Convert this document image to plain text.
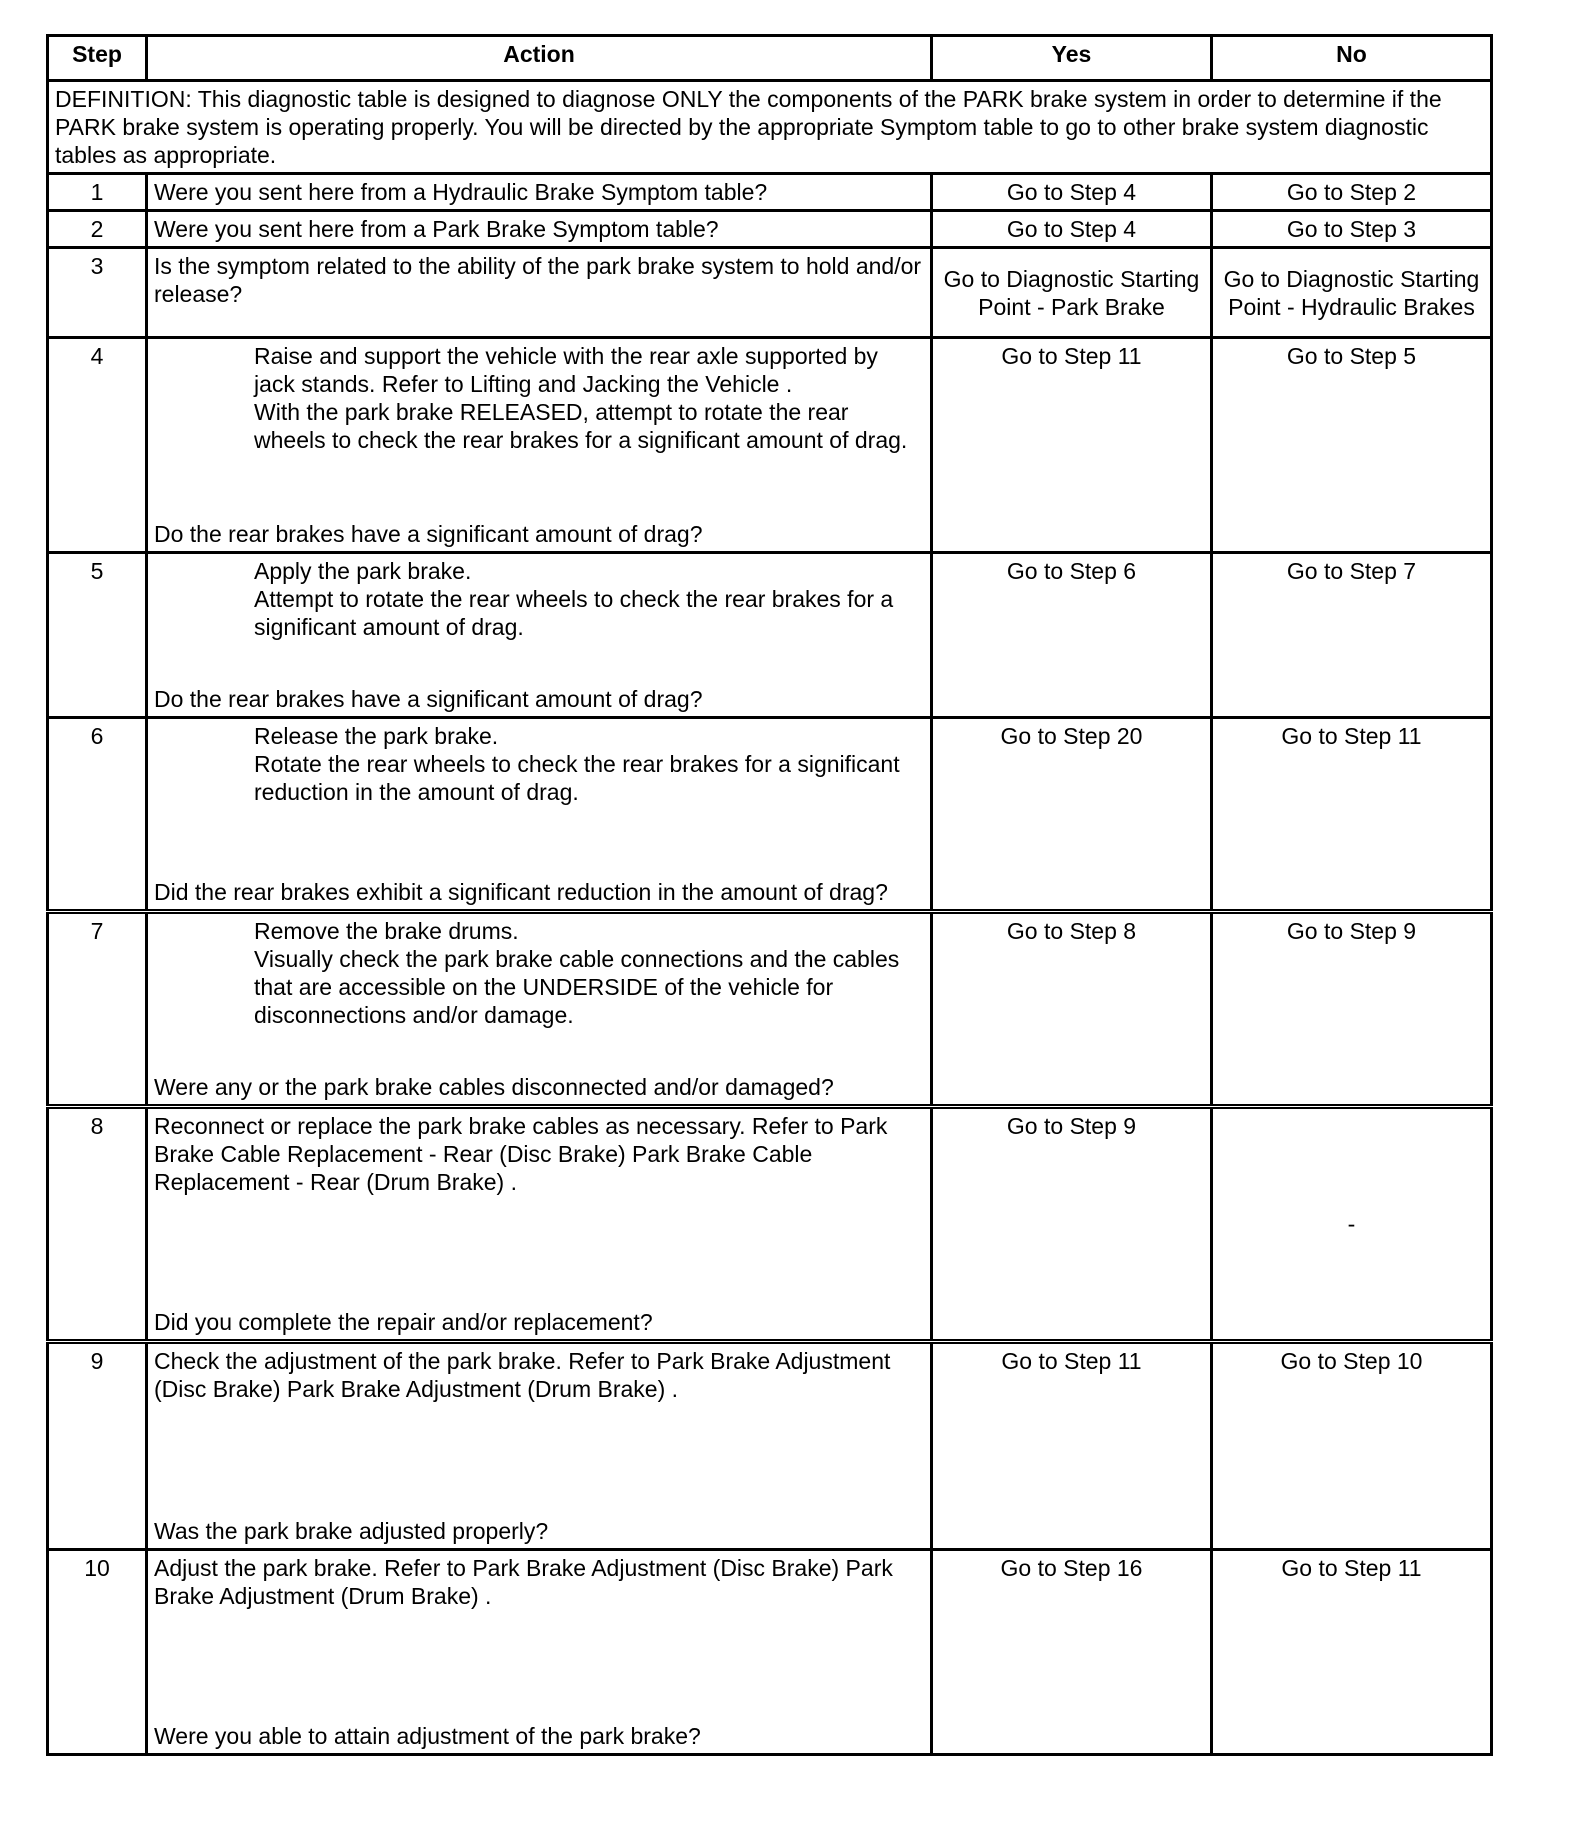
Step	Action	Yes	No
DEFINITION: This diagnostic table is designed to diagnose ONLY the components of the PARK brake system in order to determine if the PARK brake system is operating properly. You will be directed by the appropriate Symptom table to go to other brake system diagnostic tables as appropriate.			
1	Were you sent here from a Hydraulic Brake Symptom table?	Go to Step 4	Go to Step 2
2	Were you sent here from a Park Brake Symptom table?	Go to Step 4	Go to Step 3
3	Is the symptom related to the ability of the park brake system to hold and/or release?	Go to Diagnostic Starting Point - Park Brake	Go to Diagnostic Starting Point - Hydraulic Brakes
4	Raise and support the vehicle with the rear axle supported by jack stands. Refer to Lifting and Jacking the Vehicle .
With the park brake RELEASED, attempt to rotate the rear wheels to check the rear brakes for a significant amount of drag.
Do the rear brakes have a significant amount of drag?	Go to Step 11	Go to Step 5
5	Apply the park brake.
Attempt to rotate the rear wheels to check the rear brakes for a significant amount of drag.
Do the rear brakes have a significant amount of drag?	Go to Step 6	Go to Step 7
6	Release the park brake.
Rotate the rear wheels to check the rear brakes for a significant reduction in the amount of drag.
Did the rear brakes exhibit a significant reduction in the amount of drag?	Go to Step 20	Go to Step 11
7	Remove the brake drums.
Visually check the park brake cable connections and the cables that are accessible on the UNDERSIDE of the vehicle for disconnections and/or damage.
Were any or the park brake cables disconnected and/or damaged?	Go to Step 8	Go to Step 9
8	Reconnect or replace the park brake cables as necessary. Refer to Park Brake Cable Replacement - Rear (Disc Brake) Park Brake Cable Replacement - Rear (Drum Brake) .
Did you complete the repair and/or replacement?	Go to Step 9	-
9	Check the adjustment of the park brake. Refer to Park Brake Adjustment (Disc Brake) Park Brake Adjustment (Drum Brake) .
Was the park brake adjusted properly?	Go to Step 11	Go to Step 10
10	Adjust the park brake. Refer to Park Brake Adjustment (Disc Brake) Park Brake Adjustment (Drum Brake) .
Were you able to attain adjustment of the park brake?	Go to Step 16	Go to Step 11
